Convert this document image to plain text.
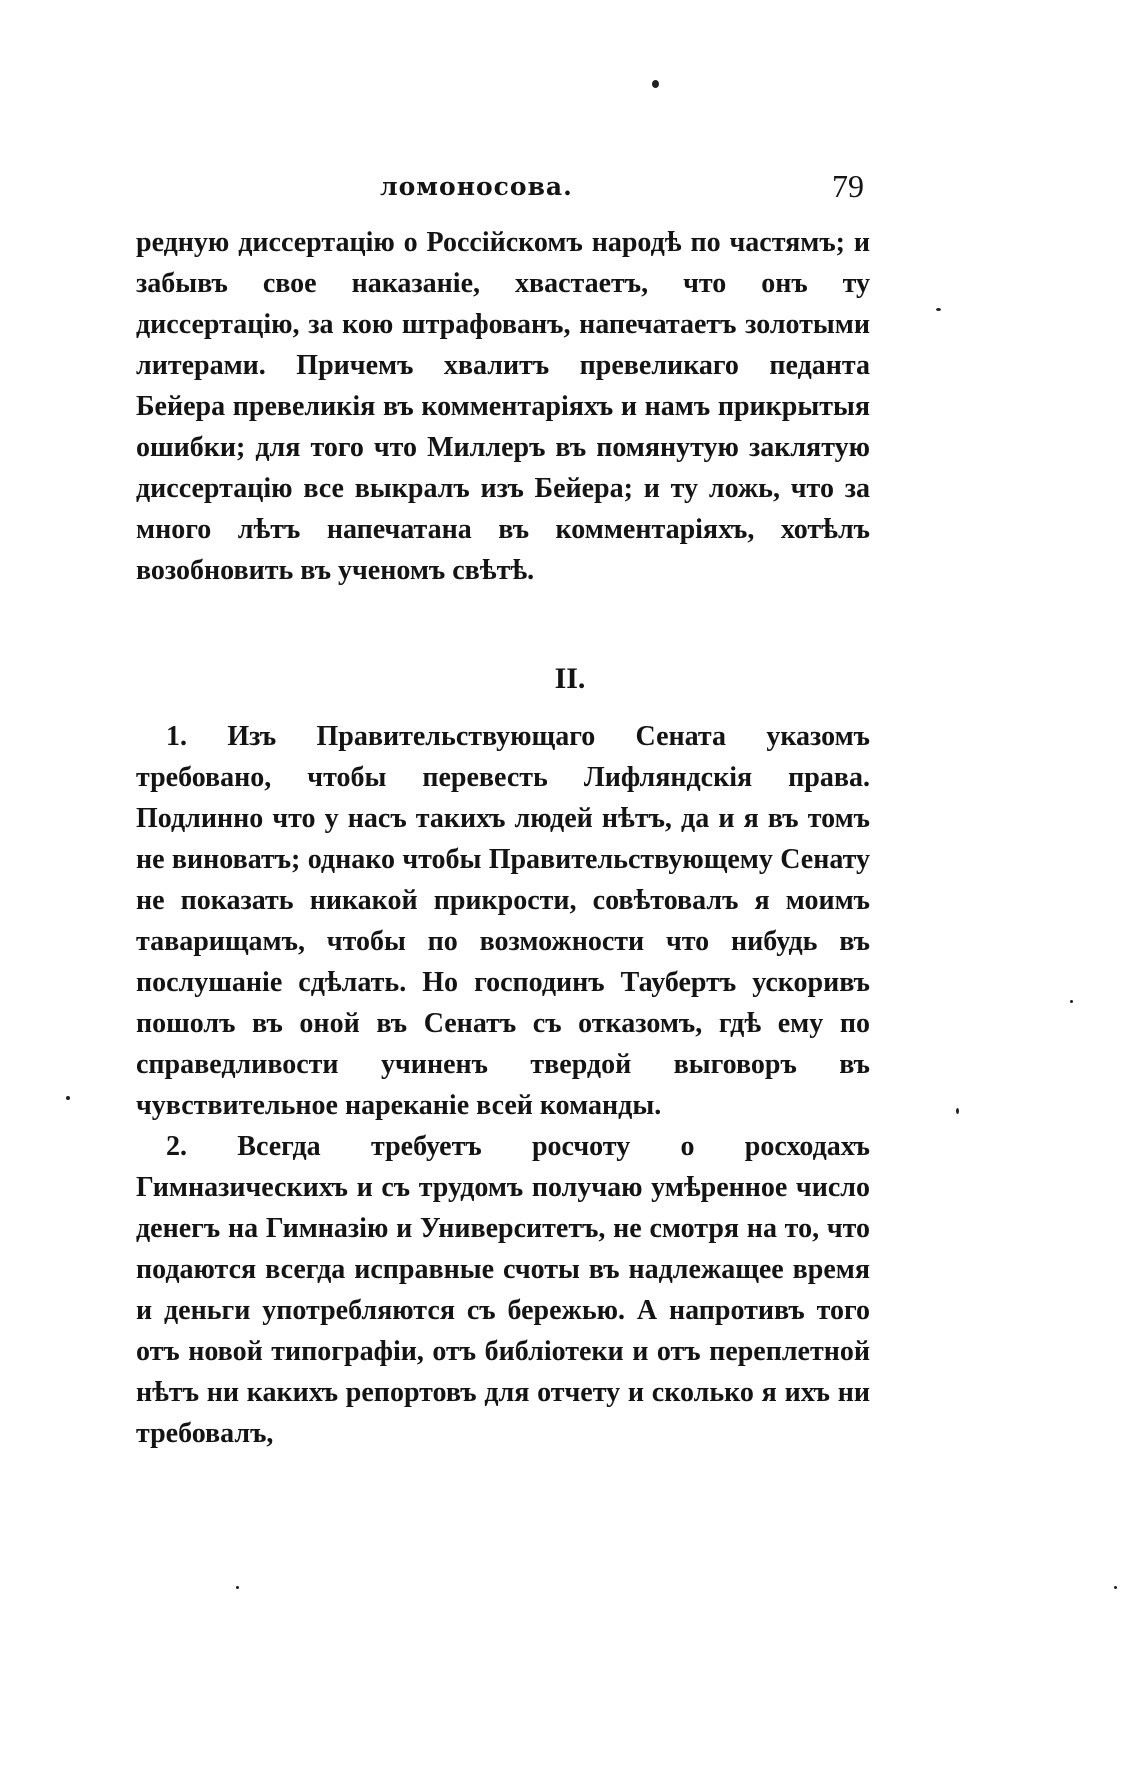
ломоносова.	79

редную диссертацію о Россійскомъ народѣ по частямъ; и забывъ свое наказаніе, хвастаетъ, что онъ ту диссертацію, за кою штрафованъ, напечатаетъ золотыми литерами. Причемъ хвалитъ превеликаго педанта Бейера превеликія въ комментаріяхъ и намъ прикрытыя ошибки; для того что Миллеръ въ помянутую заклятую диссертацію все выкралъ изъ Бейера; и ту ложь, что за много лѣтъ напечатана въ комментаріяхъ, хотѣлъ возобновить въ ученомъ свѣтѣ.

II.

1. Изъ Правительствующаго Сената указомъ требовано, чтобы перевесть Лифляндскія права. Подлинно что у насъ такихъ людей нѣтъ, да и я въ томъ не виноватъ; однако чтобы Правительствующему Сенату не показать никакой прикрости, совѣтовалъ я моимъ таварищамъ, чтобы по возможности что нибудь въ послушаніе сдѣлать. Но господинъ Таубертъ ускоривъ пошолъ въ оной въ Сенатъ съ отказомъ, гдѣ ему по справедливости учиненъ твердой выговоръ въ чувствительное нареканіе всей команды.

2. Всегда требуетъ росчоту о росходахъ Гимназическихъ и съ трудомъ получаю умѣренное число денегъ на Гимназію и Университетъ, не смотря на то, что подаются всегда исправные счоты въ надлежащее время и деньги употребляются съ бережью. А напротивъ того отъ новой типографіи, отъ библіотеки и отъ переплетной нѣтъ ни какихъ репортовъ для отчету и сколько я ихъ ни требовалъ,
